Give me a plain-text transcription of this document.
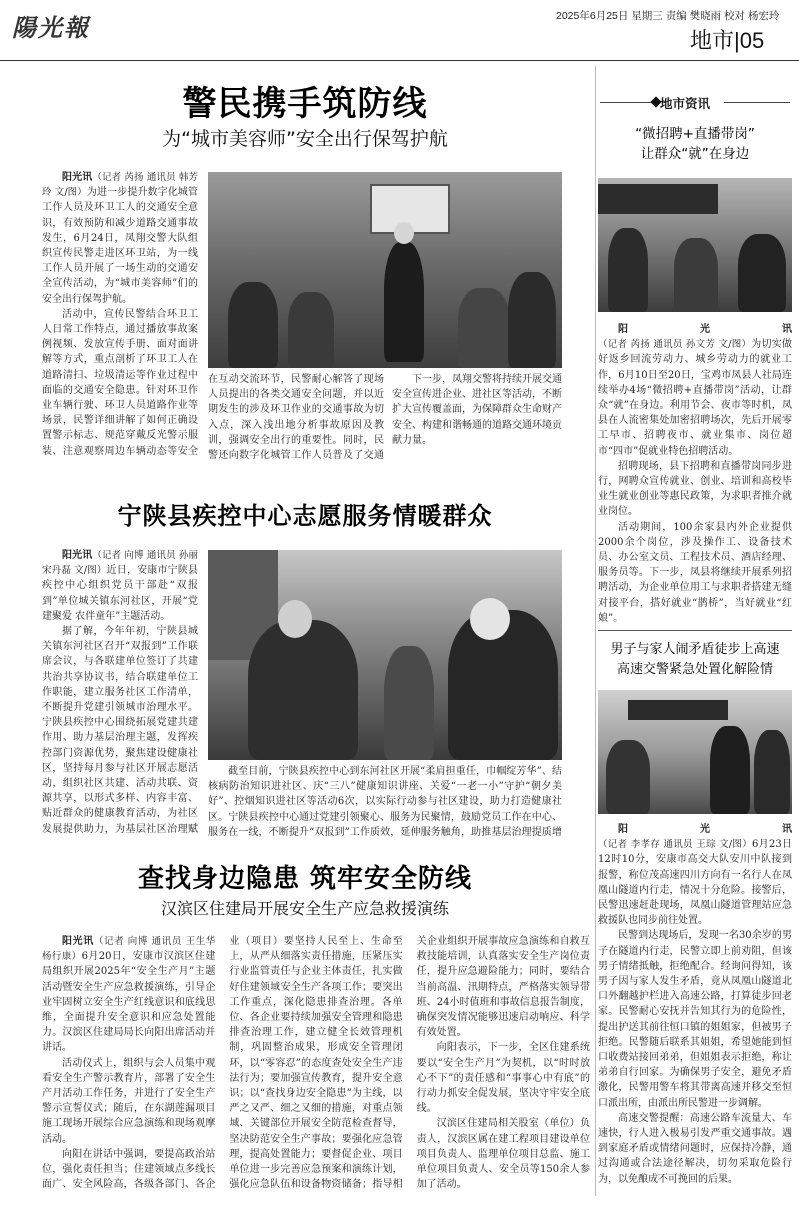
陽光報	2025年6月25日 星期三 责编 樊晓雨 校对 杨宏玲
地市|05
警民携手筑防线
为“城市美容师”安全出行保驾护航

阳光讯（记者 芮扬 通讯员 韩芳玲 文/图）为进一步提升数字化城管工作人员及环卫工人的交通安全意识，有效预防和减少道路交通事故发生，6月24日，凤翔交警大队组织宣传民警走进区环卫站，为一线工作人员开展了一场生动的交通安全宣传活动，为“城市美容师”们的安全出行保驾护航。

活动中，宣传民警结合环卫工人日常工作特点，通过播放事故案例视频、发放宣传手册、面对面讲解等方式，重点剖析了环卫工人在道路清扫、垃圾清运等作业过程中面临的交通安全隐患。针对环卫作业车辆行驶、环卫人员道路作业等场景，民警详细讲解了如何正确设置警示标志、规范穿戴反光警示服装、注意观察周边车辆动态等安全

在互动交流环节，民警耐心解答了现场人员提出的各类交通安全问题，并以近期发生的涉及环卫作业的交通事故为切入点，深入浅出地分析事故原因及教训，强调安全出行的重要性。同时，民警还向数字化城管工作人员普及了交通

下一步，凤翔交警将持续开展交通安全宣传进企业、进社区等活动，不断扩大宣传覆盖面，为保障群众生命财产安全、构建和谐畅通的道路交通环境贡献力量。

宁陕县疾控中心志愿服务情暖群众

阳光讯（记者 向博 通讯员 孙丽宋丹磊 文/图）近日，安康市宁陕县疾控中心组织党员干部赴“双报到”单位城关镇东河社区，开展“党建聚爱 农伴童年”主题活动。

据了解，今年年初，宁陕县城关镇东河社区召开“双报到”工作联席会议，与各联建单位签订了共建共治共享协议书，结合联建单位工作职能，建立服务社区工作清单，不断提升党建引领城市治理水平。宁陕县疾控中心围绕拓展党建共建作用、助力基层治理主题，发挥疾控部门资源优势，聚焦建设健康社区，坚持每月参与社区开展志愿活动，组织社区共建、活动共联、资源共享，以形式多样、内容丰富、贴近群众的健康教育活动，为社区发展提供助力，为基层社区治理赋

截至目前，宁陕县疾控中心到东河社区开展“柔肩担重任，巾帼绽芳华”、结核病防治知识进社区、庆“三八”健康知识讲座、关爱“一老一小”守护“朝夕美好”、控烟知识进社区等活动6次，以实际行动参与社区建设，助力打造健康社区。宁陕县疾控中心通过党建引领聚心、服务为民聚情，鼓励党员工作在中心、服务在一线，不断提升“双报到”工作质效，延伸服务触角，助推基层治理提质增

查找身边隐患 筑牢安全防线
汉滨区住建局开展安全生产应急救援演练

阳光讯（记者 向博 通讯员 王生华 杨行康）6月20日，安康市汉滨区住建局组织开展2025年“安全生产月”主题活动暨安全生产应急救援演练，引导企业牢固树立安全生产红线意识和底线思维，全面提升安全意识和应急处置能力。汉滨区住建局局长向阳出席活动并讲话。

活动仪式上，组织与会人员集中观看安全生产警示教育片，部署了安全生产月活动工作任务，并进行了安全生产警示宣誓仪式；随后，在东湖莲漏项目施工现场开展综合应急演练和现场观摩活动。

向阳在讲话中强调，要提高政治站位，强化责任担当；住建领域点多线长面广、安全风险高，各级各部门、各企业（项目）要坚持人民至上、生命至上，从严从细落实责任措施，压紧压实行业监管责任与企业主体责任，扎实做好住建领域安全生产各项工作；要突出工作重点，深化隐患排查治理。各单位、各企业要持续加强安全管理和隐患排查治理工作，建立健全长效管理机制，巩固整治成果，形成安全管理闭环，以“零容忍”的态度查处安全生产违法行为；要加强宣传教育，提升安全意识；以“查找身边安全隐患”为主线，以严之又严、细之又细的措施，对重点领域、关键部位开展安全防范检查督导，坚决防范安全生产事故；要强化应急管理，提高处置能力；要督促企业、项目单位进一步完善应急预案和演练计划，强化应急队伍和设备物资储备；指导相关企业组织开展事故应急演练和自救互救技能培训，认真落实安全生产岗位责任，提升应急避险能力；同时，要结合当前高温、汛期特点，严格落实领导带班、24小时值班和事故信息报告制度，确保突发情况能够迅速启动响应、科学有效处置。

向阳表示，下一步，全区住建系统要以“安全生产月”为契机，以“时时放心不下”的责任感和“事事心中有底”的行动力抓安全促发展，坚决守牢安全底线。

汉滨区住建局相关股室（单位）负责人，汉滨区属在建工程项目建设单位项目负责人、监理单位项目总监、施工单位项目负责人、安全员等150余人参加了活动。

地市资讯
“微招聘+直播带岗”
让群众“就”在身边

阳光讯（记者 芮扬 通讯员 孙文芳 文/图）为切实做好返乡回流劳动力、城乡劳动力的就业工作，6月10日至20日，宝鸡市凤县人社局连续举办4场“微招聘+直播带岗”活动，让群众“就”在身边。利用节会、夜市等时机，凤县在人流密集处加密招聘场次，先后开展零工早市、招聘夜市、就业集市、岗位超市“四市”促就业特色招聘活动。

招聘现场，县下招聘和直播带岗同步进行，网聘众宣传就业、创业、培训和高校毕业生就业创业等惠民政策，为求职者推介就业岗位。

活动期间，100余家县内外企业提供2000余个岗位，涉及操作工、设备技术员、办公室文员、工程技术员、酒店经理、服务员等。下一步，凤县将继续开展系列招聘活动，为企业单位用工与求职者搭建无缝对接平台，搭好就业“鹊桥”，当好就业“红娘”。

男子与家人闹矛盾徒步上高速
高速交警紧急处置化解险情

阳光讯（记者 李孝存 通讯员 王琮 文/图）6月23日12时10分，安康市高交大队安川中队接到报警，称位茂高速四川方向有一名行人在凤凰山隧道内行走，情况十分危险。接警后，民警迅速赶赴现场，凤凰山隧道管理站应急救援队也同步前往处置。

民警到达现场后，发现一名30余岁的男子在隧道内行走，民警立即上前劝阻，但该男子情绪抵触，拒绝配合。经询问得知，该男子因与家人发生矛盾，竟从凤凰山隧道北口外翻越护栏进入高速公路，打算徒步回老家。民警耐心安抚并告知其行为的危险性，提出护送其前往恒口镇的姐姐家，但被男子拒绝。民警随后联系其姐姐，希望她能到恒口收费站接回弟弟，但姐姐表示拒绝，称让弟弟自行回家。为确保男子安全，避免矛盾激化，民警用警车将其带离高速并移交至恒口派出所，由派出所民警进一步调解。

高速交警提醒：高速公路车流量大、车速快，行人进入极易引发严重交通事故。遇到家庭矛盾或情绪问题时，应保持冷静，通过沟通或合法途径解决，切勿采取危险行为，以免酿成不可挽回的后果。
